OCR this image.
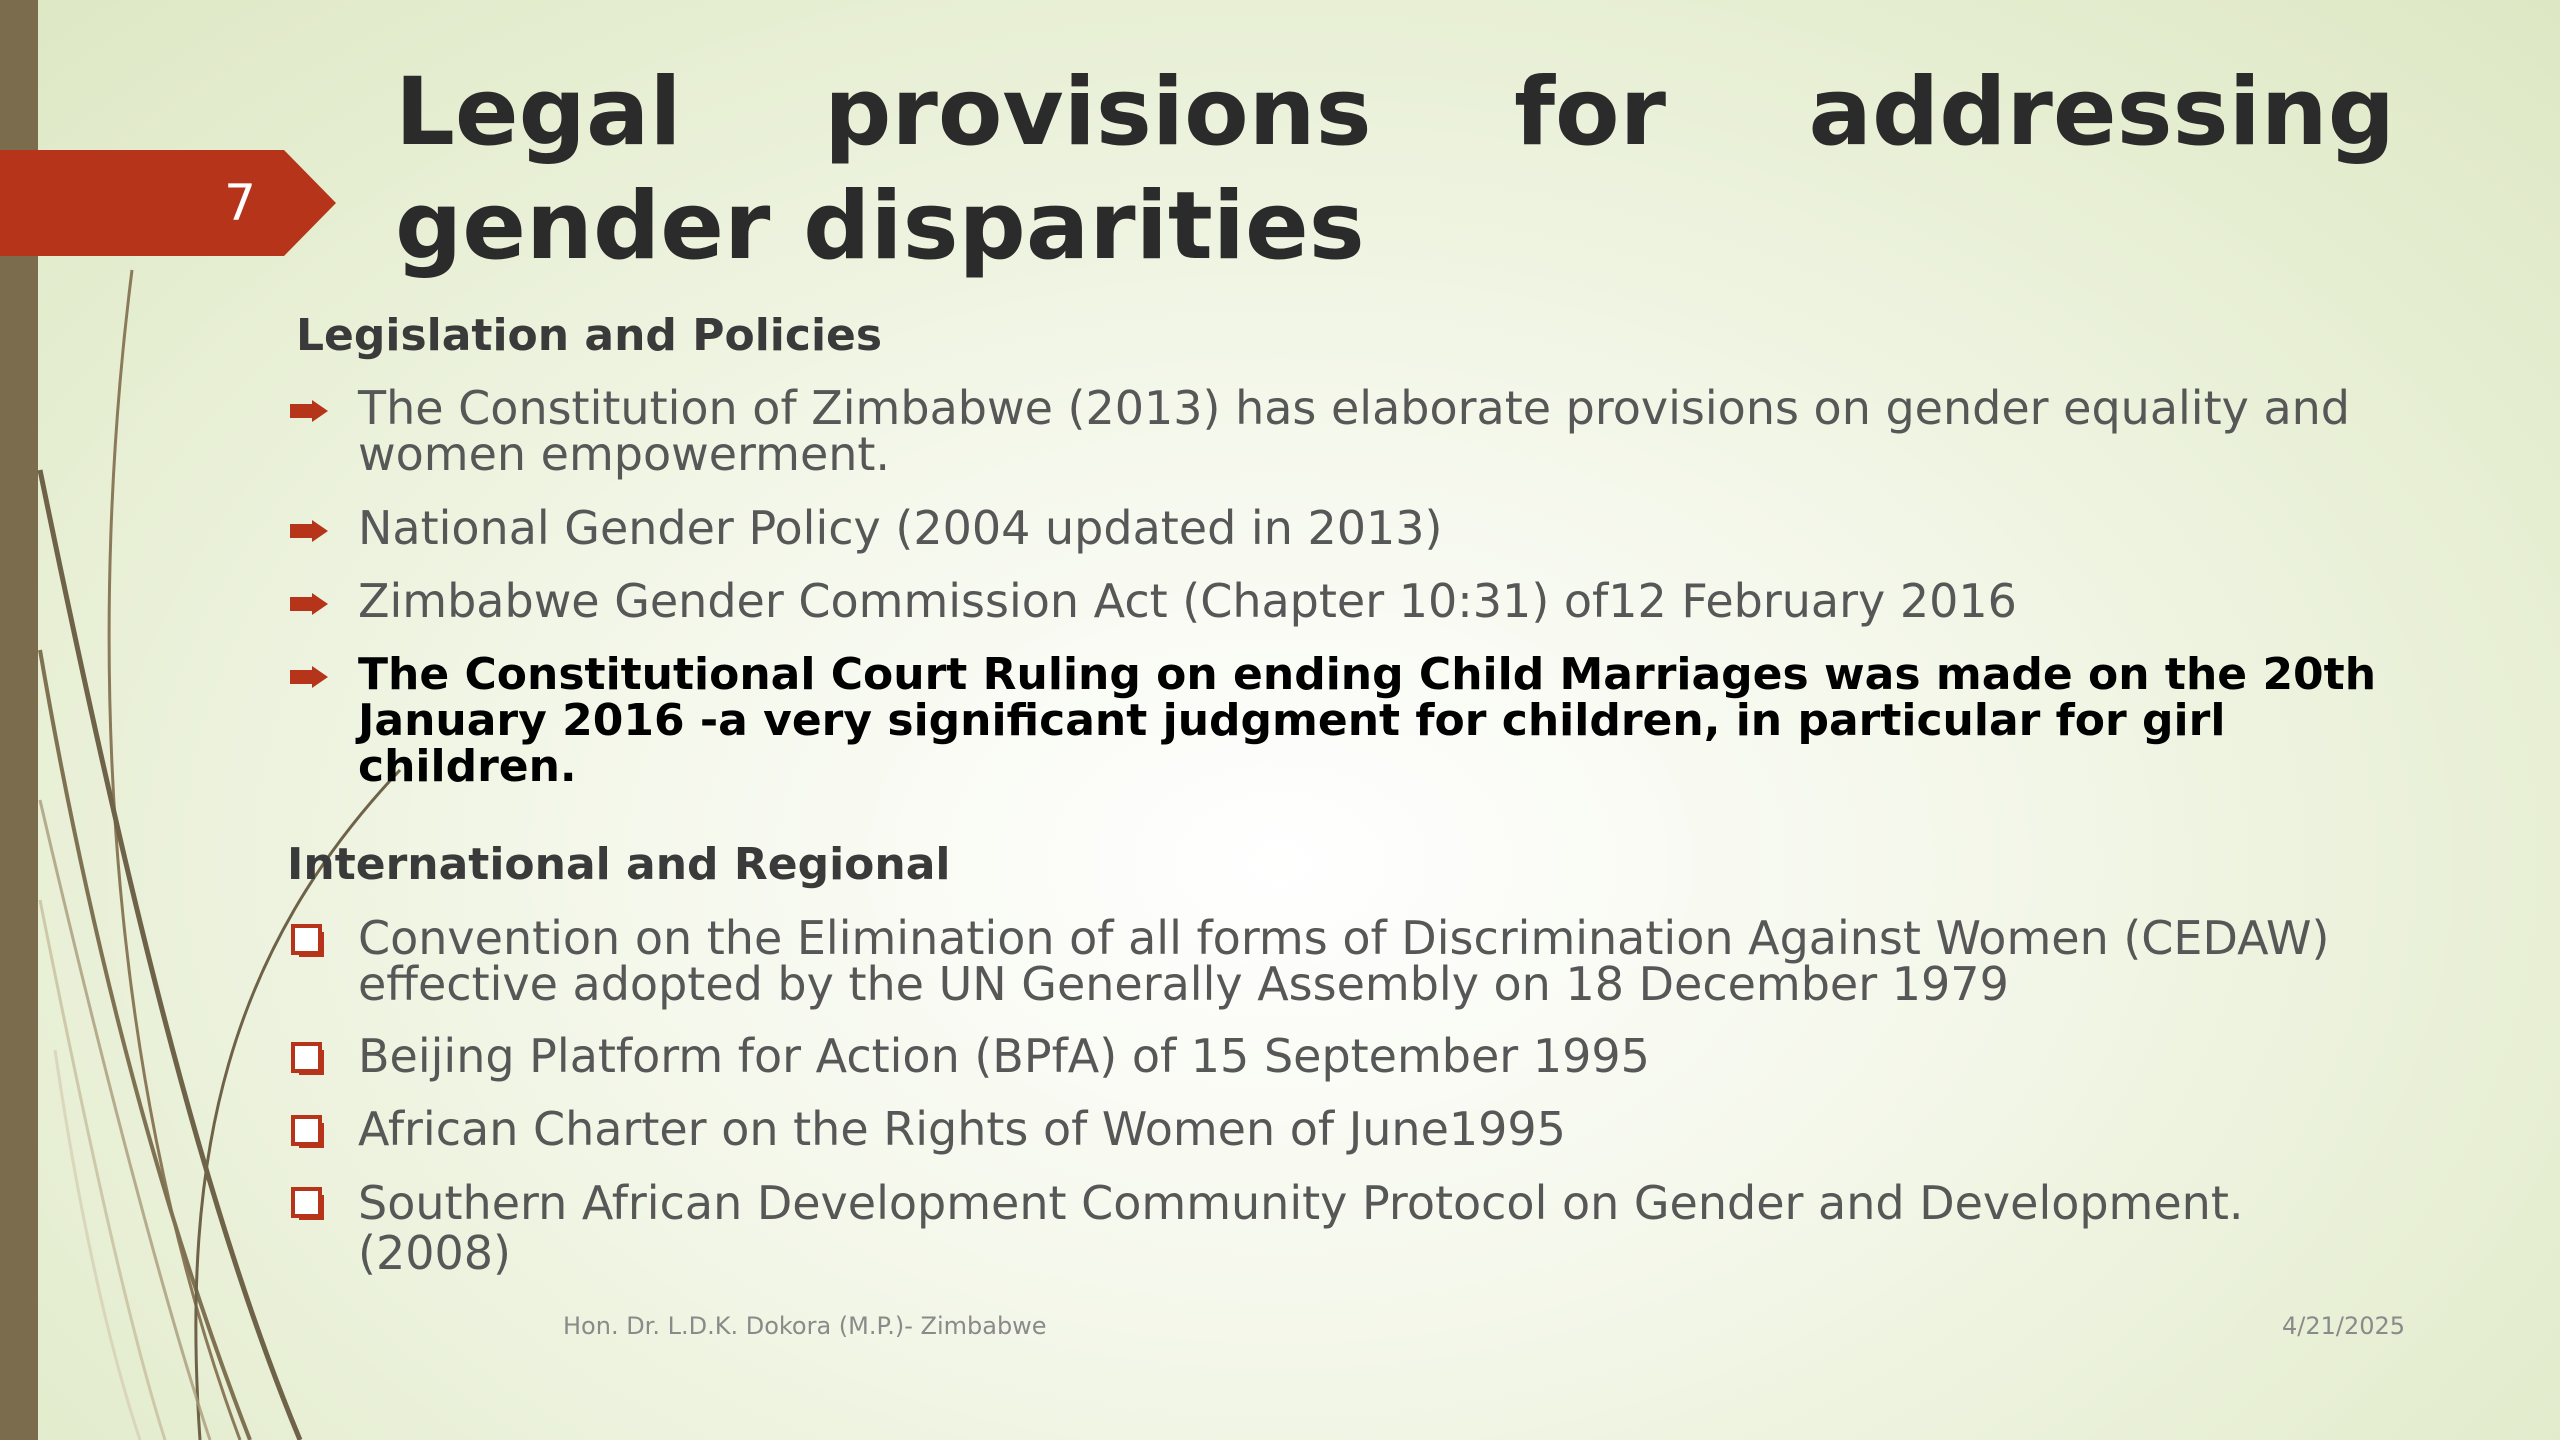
7
Legal provisions for addressing gender disparities
Legislation and Policies
The Constitution of Zimbabwe (2013) has elaborate provisions on gender equality and women empowerment.
National Gender Policy (2004 updated in 2013)
Zimbabwe Gender Commission Act (Chapter 10:31) of12 February 2016
The Constitutional Court Ruling on ending Child Marriages was made on the 20th January 2016 -a very significant judgment for children, in particular for girl children.
International and Regional
Convention on the Elimination of all forms of Discrimination Against Women (CEDAW) effective adopted by the UN Generally Assembly on 18 December 1979
Beijing Platform for Action (BPfA) of 15 September 1995
African Charter on the Rights of Women of June1995
Southern African Development Community Protocol on Gender and Development.(2008)
Hon. Dr. L.D.K. Dokora (M.P.)- Zimbabwe	4/21/2025
